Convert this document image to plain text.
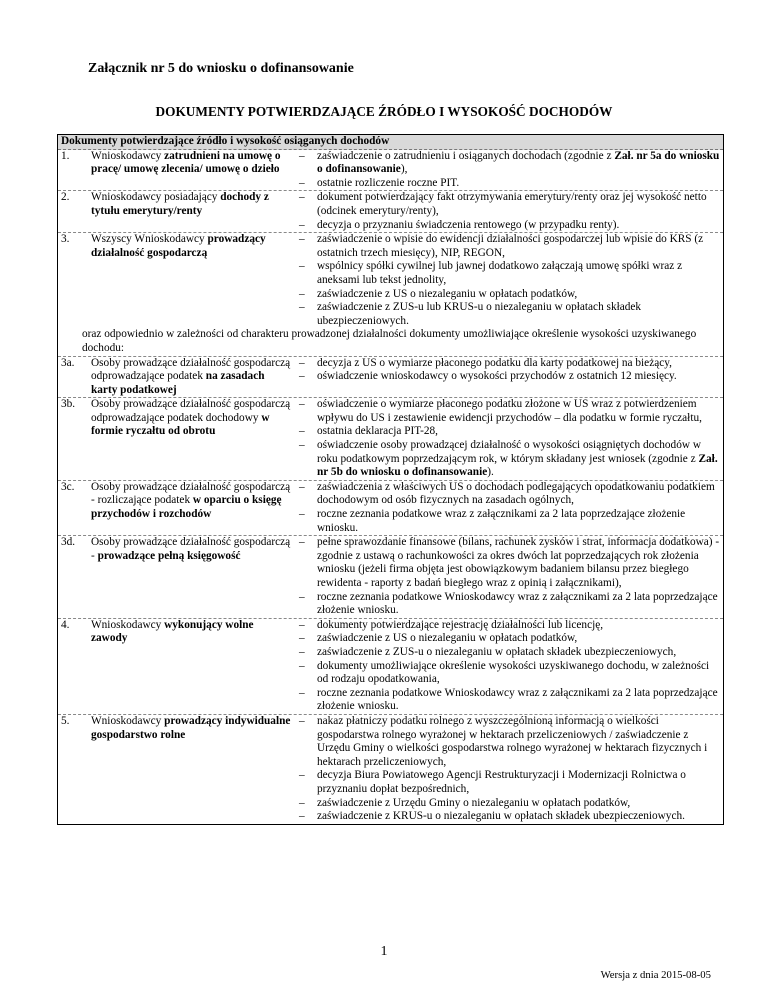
Załącznik nr 5 do wniosku o dofinansowanie

DOKUMENTY POTWIERDZAJĄCE ŹRÓDŁO I WYSOKOŚĆ DOCHODÓW

Dokumenty potwierdzające źródło i wysokość osiąganych dochodów
1.	Wnioskodawcy zatrudnieni na umowę o pracę/ umowę zlecenia/ umowę o dzieło
– zaświadczenie o zatrudnieniu i osiąganych dochodach (zgodnie z Zał. nr 5a do wniosku o dofinansowanie),
– ostatnie rozliczenie roczne PIT.
2.	Wnioskodawcy posiadający dochody z tytułu emerytury/renty
– dokument potwierdzający fakt otrzymywania emerytury/renty oraz jej wysokość netto (odcinek emerytury/renty),
– decyzja o przyznaniu świadczenia rentowego (w przypadku renty).
3.	Wszyscy Wnioskodawcy prowadzący działalność gospodarczą
– zaświadczenie o wpisie do ewidencji działalności gospodarczej lub wpisie do KRS (z ostatnich trzech miesięcy), NIP, REGON,
– wspólnicy spółki cywilnej lub jawnej dodatkowo załączają umowę spółki wraz z aneksami lub tekst jednolity,
– zaświadczenie z US o niezaleganiu w opłatach podatków,
– zaświadczenie z ZUS-u lub KRUS-u o niezaleganiu w opłatach składek ubezpieczeniowych.
oraz odpowiednio w zależności od charakteru prowadzonej działalności dokumenty umożliwiające określenie wysokości uzyskiwanego dochodu:
3a.	Osoby prowadzące działalność gospodarczą odprowadzające podatek na zasadach karty podatkowej
– decyzja z US o wymiarze płaconego podatku dla karty podatkowej na bieżący,
– oświadczenie wnioskodawcy o wysokości przychodów z ostatnich 12 miesięcy.
3b.	Osoby prowadzące działalność gospodarczą odprowadzające podatek dochodowy w formie ryczałtu od obrotu
– oświadczenie o wymiarze płaconego podatku złożone w US wraz z potwierdzeniem wpływu do US i zestawienie ewidencji przychodów – dla podatku w formie ryczałtu,
– ostatnia deklaracja PIT-28,
– oświadczenie osoby prowadzącej działalność o wysokości osiągniętych dochodów w roku podatkowym poprzedzającym rok, w którym składany jest wniosek (zgodnie z Zał. nr 5b do wniosku o dofinansowanie).
3c.	Osoby prowadzące działalność gospodarczą - rozliczające podatek w oparciu o księgę przychodów i rozchodów
– zaświadczenia z właściwych US o dochodach podlegających opodatkowaniu podatkiem dochodowym od osób fizycznych na zasadach ogólnych,
– roczne zeznania podatkowe wraz z załącznikami za 2 lata poprzedzające złożenie wniosku.
3d.	Osoby prowadzące działalność gospodarczą - prowadzące pełną księgowość
– pełne sprawozdanie finansowe (bilans, rachunek zysków i strat, informacja dodatkowa) - zgodnie z ustawą o rachunkowości za okres dwóch lat poprzedzających rok złożenia wniosku (jeżeli firma objęta jest obowiązkowym badaniem bilansu przez biegłego rewidenta - raporty z badań biegłego wraz z opinią i załącznikami),
– roczne zeznania podatkowe Wnioskodawcy wraz z załącznikami za 2 lata poprzedzające złożenie wniosku.
4.	Wnioskodawcy wykonujący wolne zawody
– dokumenty potwierdzające rejestrację działalności lub licencję,
– zaświadczenie z US o niezaleganiu w opłatach podatków,
– zaświadczenie z ZUS-u o niezaleganiu w opłatach składek ubezpieczeniowych,
– dokumenty umożliwiające określenie wysokości uzyskiwanego dochodu, w zależności od rodzaju opodatkowania,
– roczne zeznania podatkowe Wnioskodawcy wraz z załącznikami za 2 lata poprzedzające złożenie wniosku.
5.	Wnioskodawcy prowadzący indywidualne gospodarstwo rolne
– nakaz płatniczy podatku rolnego z wyszczególnioną informacją o wielkości gospodarstwa rolnego wyrażonej w hektarach przeliczeniowych / zaświadczenie z Urzędu Gminy o wielkości gospodarstwa rolnego wyrażonej w hektarach fizycznych i hektarach przeliczeniowych,
– decyzja Biura Powiatowego Agencji Restrukturyzacji i Modernizacji Rolnictwa o przyznaniu dopłat bezpośrednich,
– zaświadczenie z Urzędu Gminy o niezaleganiu w opłatach podatków,
– zaświadczenie z KRUS-u o niezaleganiu w opłatach składek ubezpieczeniowych.

1

Wersja z dnia 2015-08-05
